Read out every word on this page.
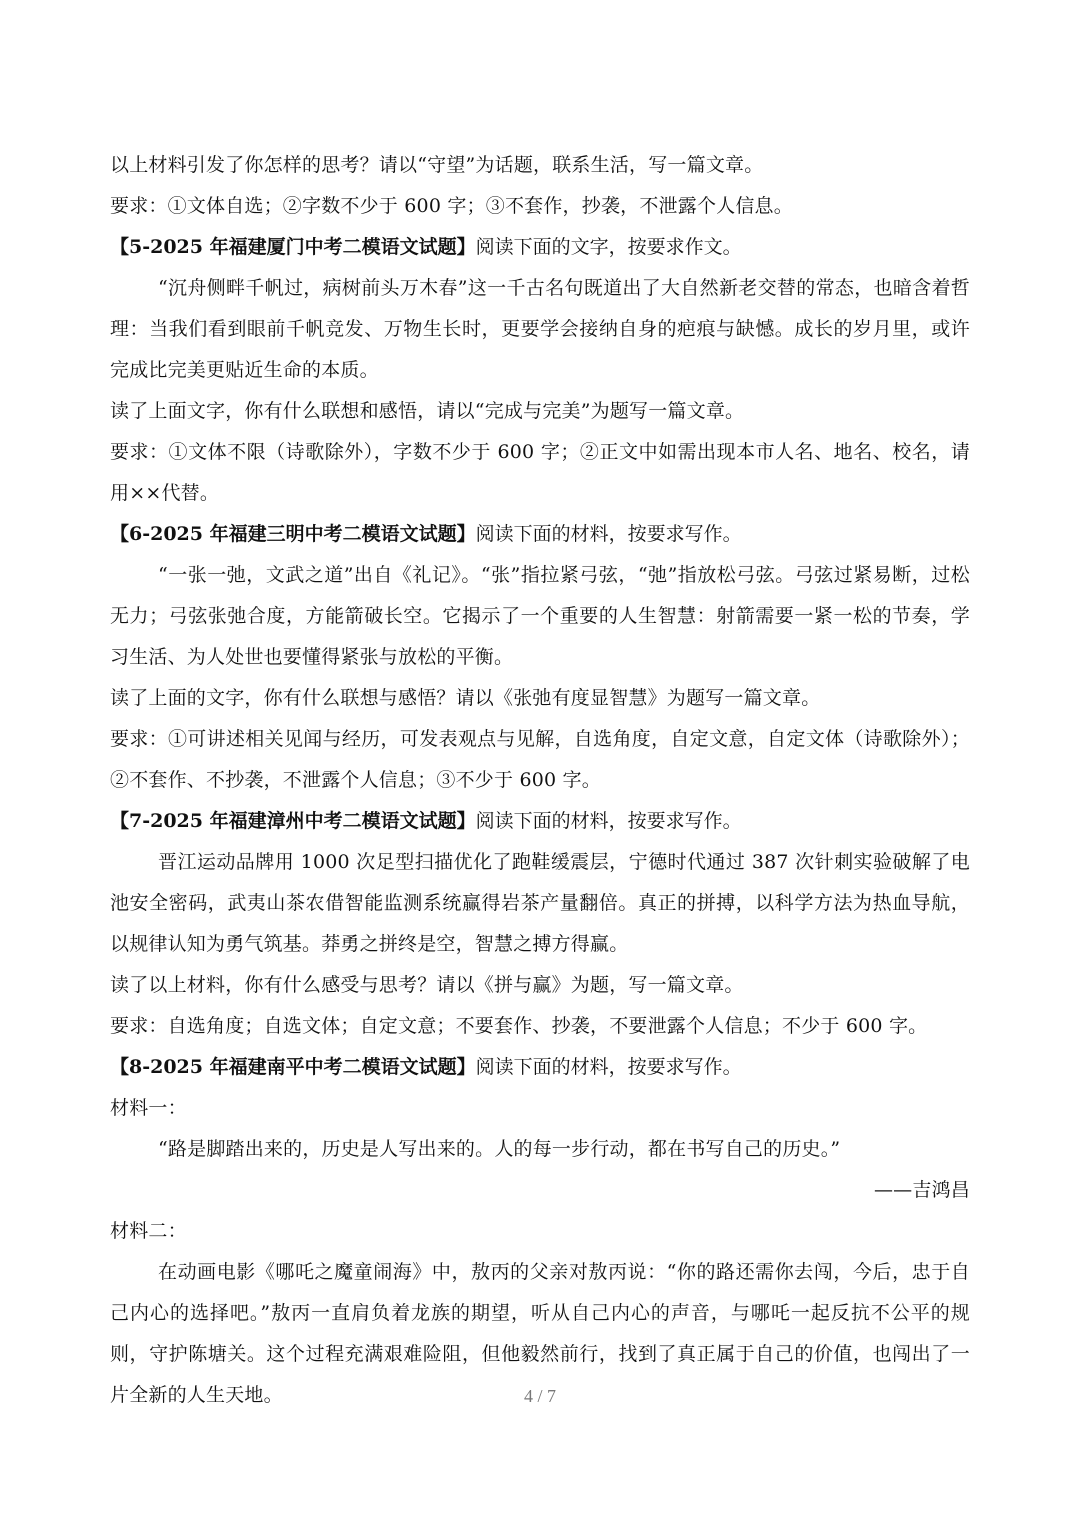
以上材料引发了你怎样的思考？请以“守望”为话题，联系生活，写一篇文章。

要求：①文体自选；②字数不少于 600 字；③不套作，抄袭，不泄露个人信息。

【5-2025 年福建厦门中考二模语文试题】阅读下面的文字，按要求作文。

“沉舟侧畔千帆过，病树前头万木春”这一千古名句既道出了大自然新老交替的常态，也暗含着哲理：当我们看到眼前千帆竞发、万物生长时，更要学会接纳自身的疤痕与缺憾。成长的岁月里，或许完成比完美更贴近生命的本质。

读了上面文字，你有什么联想和感悟，请以“完成与完美”为题写一篇文章。

要求：①文体不限（诗歌除外），字数不少于 600 字；②正文中如需出现本市人名、地名、校名，请用××代替。

【6-2025 年福建三明中考二模语文试题】阅读下面的材料，按要求写作。

“一张一弛，文武之道”出自《礼记》。“张”指拉紧弓弦，“弛”指放松弓弦。弓弦过紧易断，过松无力；弓弦张弛合度，方能箭破长空。它揭示了一个重要的人生智慧：射箭需要一紧一松的节奏，学习生活、为人处世也要懂得紧张与放松的平衡。

读了上面的文字，你有什么联想与感悟？请以《张弛有度显智慧》为题写一篇文章。

要求：①可讲述相关见闻与经历，可发表观点与见解，自选角度，自定文意，自定文体（诗歌除外）；②不套作、不抄袭，不泄露个人信息；③不少于 600 字。

【7-2025 年福建漳州中考二模语文试题】阅读下面的材料，按要求写作。

晋江运动品牌用 1000 次足型扫描优化了跑鞋缓震层，宁德时代通过 387 次针刺实验破解了电池安全密码，武夷山茶农借智能监测系统赢得岩茶产量翻倍。真正的拼搏，以科学方法为热血导航，以规律认知为勇气筑基。莽勇之拼终是空，智慧之搏方得赢。

读了以上材料，你有什么感受与思考？请以《拼与赢》为题，写一篇文章。

要求：自选角度；自选文体；自定文意；不要套作、抄袭，不要泄露个人信息；不少于 600 字。

【8-2025 年福建南平中考二模语文试题】阅读下面的材料，按要求写作。

材料一：

“路是脚踏出来的，历史是人写出来的。人的每一步行动，都在书写自己的历史。”

——吉鸿昌

材料二：

在动画电影《哪吒之魔童闹海》中，敖丙的父亲对敖丙说：“你的路还需你去闯，今后，忠于自己内心的选择吧。”敖丙一直肩负着龙族的期望，听从自己内心的声音，与哪吒一起反抗不公平的规则，守护陈塘关。这个过程充满艰难险阻，但他毅然前行，找到了真正属于自己的价值，也闯出了一片全新的人生天地。	4 / 7
